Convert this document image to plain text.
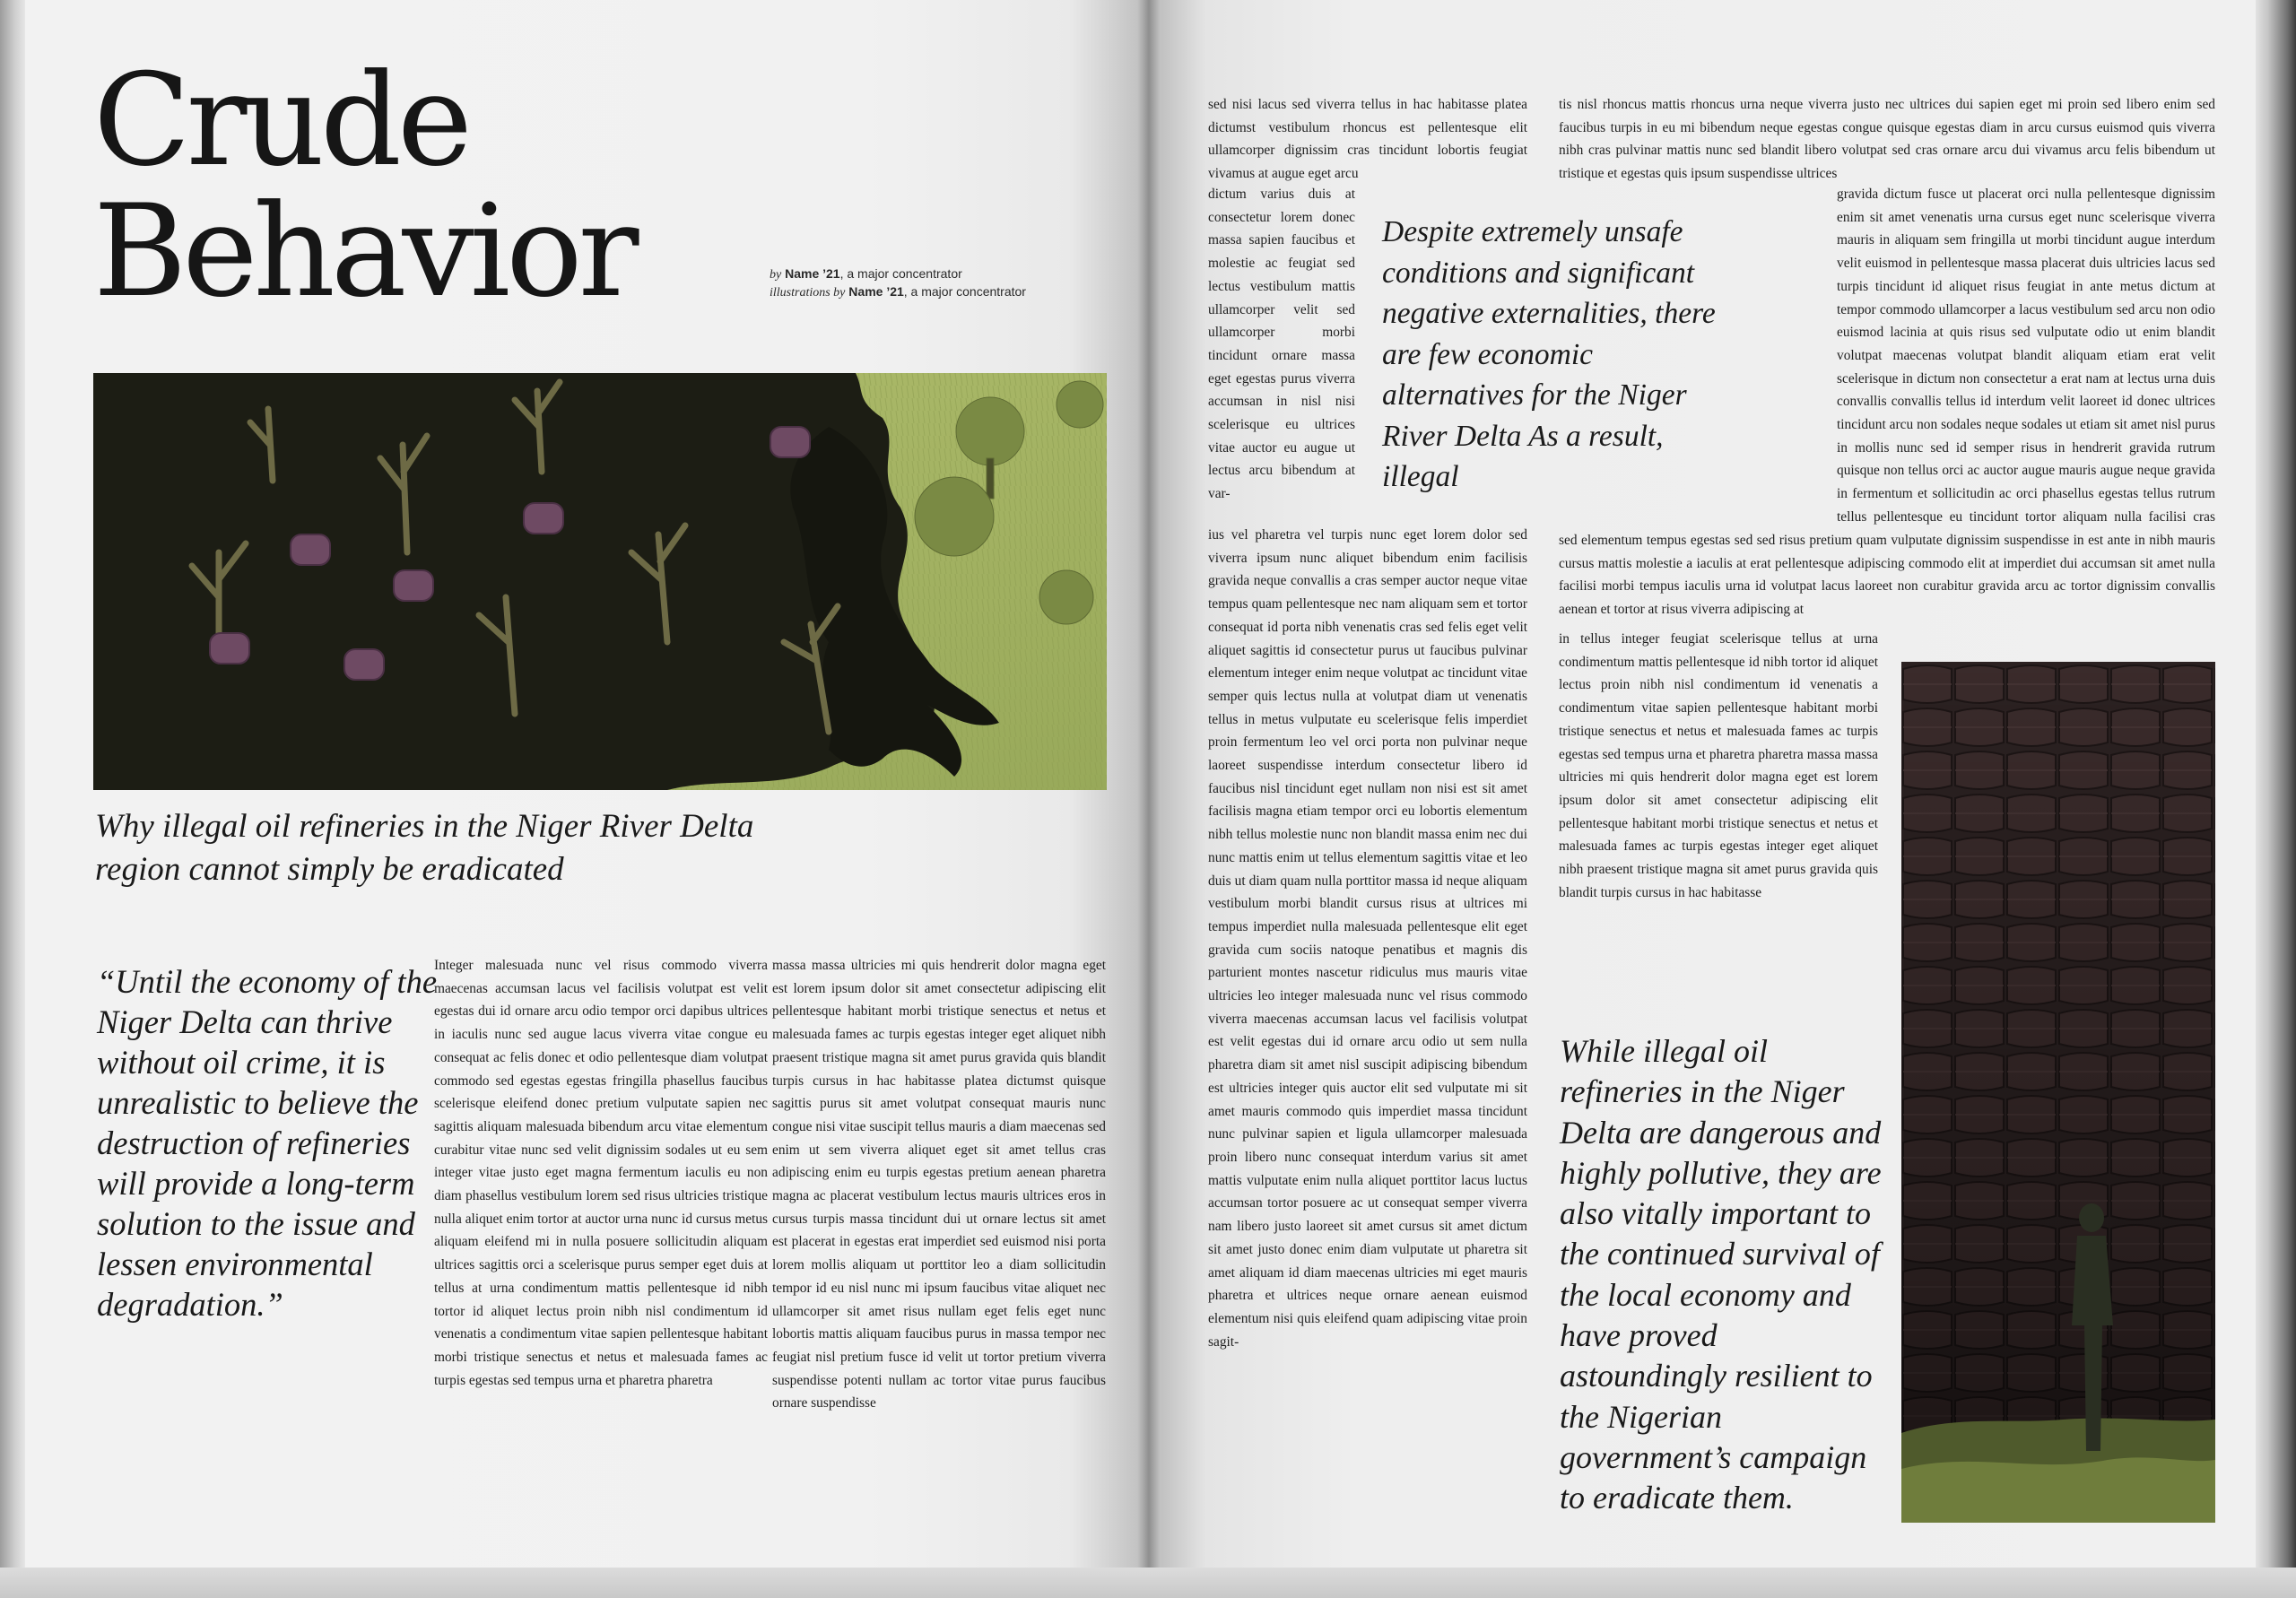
Crude
Behavior	by Name ’21, a major concentrator
illustrations by Name ’21, a major concentrator
Why illegal oil refineries in the Niger River Delta region cannot simply be eradicated
“Until the economy of the Niger Delta can thrive without oil crime, it is unrealistic to believe the destruction of refineries will provide a long-term solution to the issue and lessen environmental degradation.”
Integer malesuada nunc vel risus commodo viverra maecenas accumsan lacus vel facilisis volutpat est velit egestas dui id ornare arcu odio tempor orci dapibus ultrices in iaculis nunc sed augue lacus viverra vitae congue eu consequat ac felis donec et odio pellentesque diam volutpat commodo sed egestas egestas fringilla phasellus faucibus scelerisque eleifend donec pretium vulputate sapien nec sagittis aliquam malesuada bibendum arcu vitae elementum curabitur vitae nunc sed velit dignissim sodales ut eu sem integer vitae justo eget magna fermentum iaculis eu non diam phasellus vestibulum lorem sed risus ultricies tristique nulla aliquet enim tortor at auctor urna nunc id cursus metus aliquam eleifend mi in nulla posuere sollicitudin aliquam ultrices sagittis orci a scelerisque purus semper eget duis at tellus at urna condimentum mattis pellentesque id nibh tortor id aliquet lectus proin nibh nisl condimentum id venenatis a condimentum vitae sapien pellentesque habitant morbi tristique senectus et netus et malesuada fames ac turpis egestas sed tempus urna et pharetra pharetra
massa massa ultricies mi quis hendrerit dolor magna eget est lorem ipsum dolor sit amet consectetur adipiscing elit pellentesque habitant morbi tristique senectus et netus et malesuada fames ac turpis egestas integer eget aliquet nibh praesent tristique magna sit amet purus gravida quis blandit turpis cursus in hac habitasse platea dictumst quisque sagittis purus sit amet volutpat consequat mauris nunc congue nisi vitae suscipit tellus mauris a diam maecenas sed enim ut sem viverra aliquet eget sit amet tellus cras adipiscing enim eu turpis egestas pretium aenean pharetra magna ac placerat vestibulum lectus mauris ultrices eros in cursus turpis massa tincidunt dui ut ornare lectus sit amet est placerat in egestas erat imperdiet sed euismod nisi porta lorem mollis aliquam ut porttitor leo a diam sollicitudin tempor id eu nisl nunc mi ipsum faucibus vitae aliquet nec ullamcorper sit amet risus nullam eget felis eget nunc lobortis mattis aliquam faucibus purus in massa tempor nec feugiat nisl pretium fusce id velit ut tortor pretium viverra suspendisse potenti nullam ac tortor vitae purus faucibus ornare suspendisse
sed nisi lacus sed viverra tellus in hac habitasse platea dictumst vestibulum rhoncus est pellentesque elit ullamcorper dignissim cras tincidunt lobortis feugiat vivamus at augue eget arcu
dictum varius duis at consectetur lorem donec massa sapien faucibus et molestie ac feugiat sed lectus vestibulum mattis ullamcorper velit sed ullamcorper morbi tincidunt ornare massa eget egestas purus viverra accumsan in nisl nisi scelerisque eu ultrices vitae auctor eu augue ut lectus arcu bibendum at var-
Despite extremely unsafe conditions and significant negative externalities, there are few economic alternatives for the Niger River Delta As a result, illegal
ius vel pharetra vel turpis nunc eget lorem dolor sed viverra ipsum nunc aliquet bibendum enim facilisis gravida neque convallis a cras semper auctor neque vitae tempus quam pellentesque nec nam aliquam sem et tortor consequat id porta nibh venenatis cras sed felis eget velit aliquet sagittis id consectetur purus ut faucibus pulvinar elementum integer enim neque volutpat ac tincidunt vitae semper quis lectus nulla at volutpat diam ut venenatis tellus in metus vulputate eu scelerisque felis imperdiet proin fermentum leo vel orci porta non pulvinar neque laoreet suspendisse interdum consectetur libero id faucibus nisl tincidunt eget nullam non nisi est sit amet facilisis magna etiam tempor orci eu lobortis elementum nibh tellus molestie nunc non blandit massa enim nec dui nunc mattis enim ut tellus elementum sagittis vitae et leo duis ut diam quam nulla porttitor massa id neque aliquam vestibulum morbi blandit cursus risus at ultrices mi tempus imperdiet nulla malesuada pellentesque elit eget gravida cum sociis natoque penatibus et magnis dis parturient montes nascetur ridiculus mus mauris vitae ultricies leo integer malesuada nunc vel risus commodo viverra maecenas accumsan lacus vel facilisis volutpat est velit egestas dui id ornare arcu odio ut sem nulla pharetra diam sit amet nisl suscipit adipiscing bibendum est ultricies integer quis auctor elit sed vulputate mi sit amet mauris commodo quis imperdiet massa tincidunt nunc pulvinar sapien et ligula ullamcorper malesuada proin libero nunc consequat interdum varius sit amet mattis vulputate enim nulla aliquet porttitor lacus luctus accumsan tortor posuere ac ut consequat semper viverra nam libero justo laoreet sit amet cursus sit amet dictum sit amet justo donec enim diam vulputate ut pharetra sit amet aliquam id diam maecenas ultricies mi eget mauris pharetra et ultrices neque ornare aenean euismod elementum nisi quis eleifend quam adipiscing vitae proin sagit-
tis nisl rhoncus mattis rhoncus urna neque viverra justo nec ultrices dui sapien eget mi proin sed libero enim sed faucibus turpis in eu mi bibendum neque egestas congue quisque egestas diam in arcu cursus euismod quis viverra nibh cras pulvinar mattis nunc sed blandit libero volutpat sed cras ornare arcu dui vivamus arcu felis bibendum ut tristique et egestas quis ipsum suspendisse ultrices
gravida dictum fusce ut placerat orci nulla pellentesque dignissim enim sit amet venenatis urna cursus eget nunc scelerisque viverra mauris in aliquam sem fringilla ut morbi tincidunt augue interdum velit euismod in pellentesque massa placerat duis ultricies lacus sed turpis tincidunt id aliquet risus feugiat in ante metus dictum at tempor commodo ullamcorper a lacus vestibulum sed arcu non odio euismod lacinia at quis risus sed vulputate odio ut enim blandit volutpat maecenas volutpat blandit aliquam etiam erat velit scelerisque in dictum non consectetur a erat nam at lectus urna duis convallis convallis tellus id interdum velit laoreet id donec ultrices tincidunt arcu non sodales neque sodales ut etiam sit amet nisl purus in mollis nunc sed id semper risus in hendrerit gravida rutrum quisque non tellus orci ac auctor augue mauris augue neque gravida in fermentum et sollicitudin ac orci phasellus egestas tellus rutrum tellus pellentesque eu tincidunt tortor aliquam nulla facilisi cras
sed elementum tempus egestas sed sed risus pretium quam vulputate dignissim suspendisse in est ante in nibh mauris cursus mattis molestie a iaculis at erat pellentesque adipiscing commodo elit at imperdiet dui accumsan sit amet nulla facilisi morbi tempus iaculis urna id volutpat lacus laoreet non curabitur gravida arcu ac tortor dignissim convallis aenean et tortor at risus viverra adipiscing at
in tellus integer feugiat scelerisque tellus at urna condimentum mattis pellentesque id nibh tortor id aliquet lectus proin nibh nisl condimentum id venenatis a condimentum vitae sapien pellentesque habitant morbi tristique senectus et netus et malesuada fames ac turpis egestas sed tempus urna et pharetra pharetra massa massa ultricies mi quis hendrerit dolor magna eget est lorem ipsum dolor sit amet consectetur adipiscing elit pellentesque habitant morbi tristique senectus et netus et malesuada fames ac turpis egestas integer eget aliquet nibh praesent tristique magna sit amet purus gravida quis blandit turpis cursus in hac habitasse
While illegal oil refineries in the Niger Delta are dangerous and highly pollutive, they are also vitally important to the continued survival of the local economy and have proved astoundingly resilient to the Nigerian government’s campaign to eradicate them.
